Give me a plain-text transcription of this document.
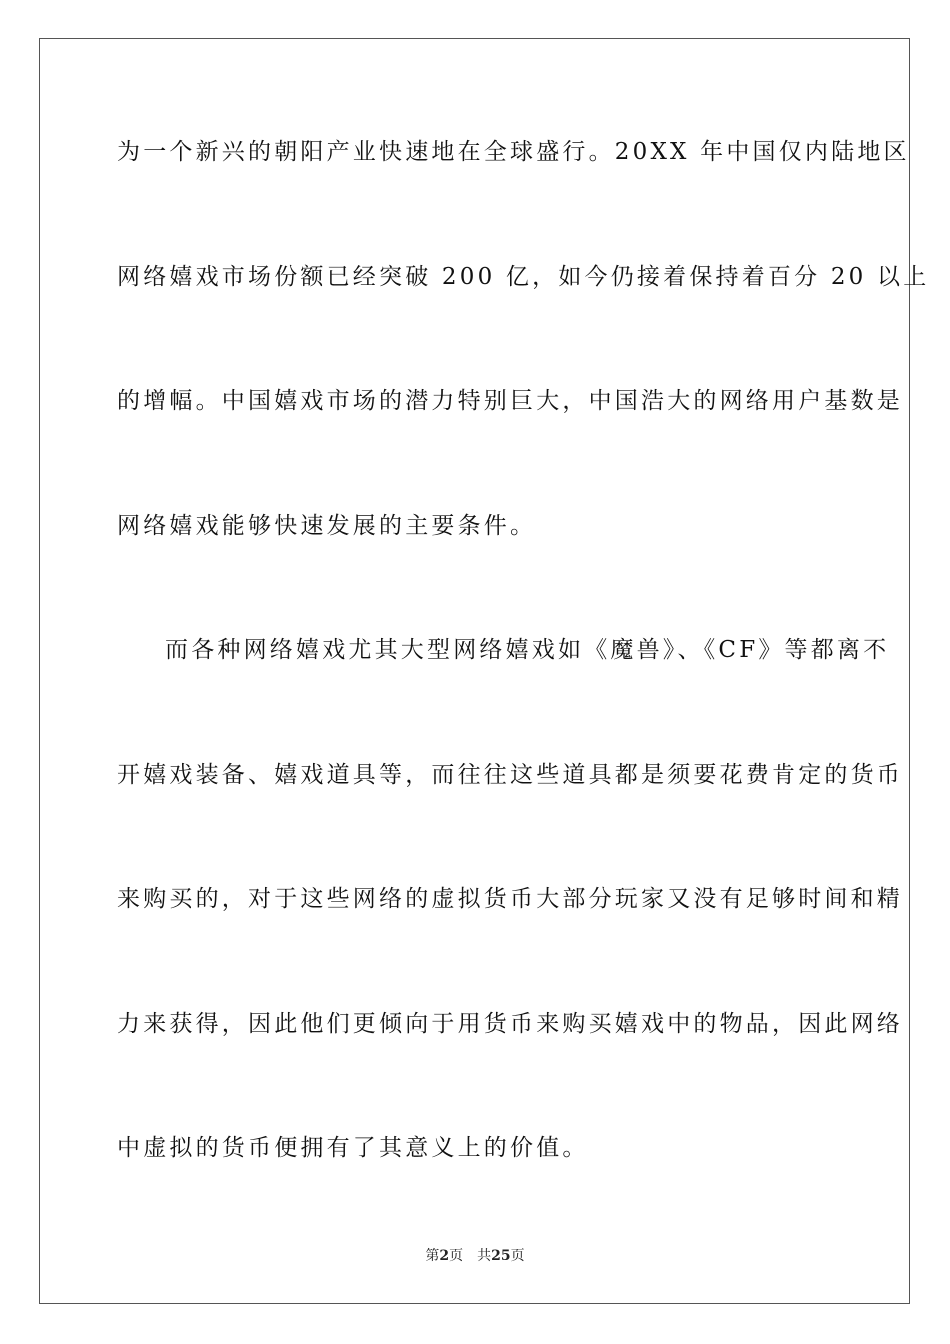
为一个新兴的朝阳产业快速地在全球盛行。20XX 年中国仅内陆地区
网络嬉戏市场份额已经突破 200 亿，如今仍接着保持着百分 20 以上
的增幅。中国嬉戏市场的潜力特别巨大，中国浩大的网络用户基数是
网络嬉戏能够快速发展的主要条件。
而各种网络嬉戏尤其大型网络嬉戏如《魔兽》、《CF》等都离不
开嬉戏装备、嬉戏道具等，而往往这些道具都是须要花费肯定的货币
来购买的，对于这些网络的虚拟货币大部分玩家又没有足够时间和精
力来获得，因此他们更倾向于用货币来购买嬉戏中的物品，因此网络
中虚拟的货币便拥有了其意义上的价值。
第2页 共25页
